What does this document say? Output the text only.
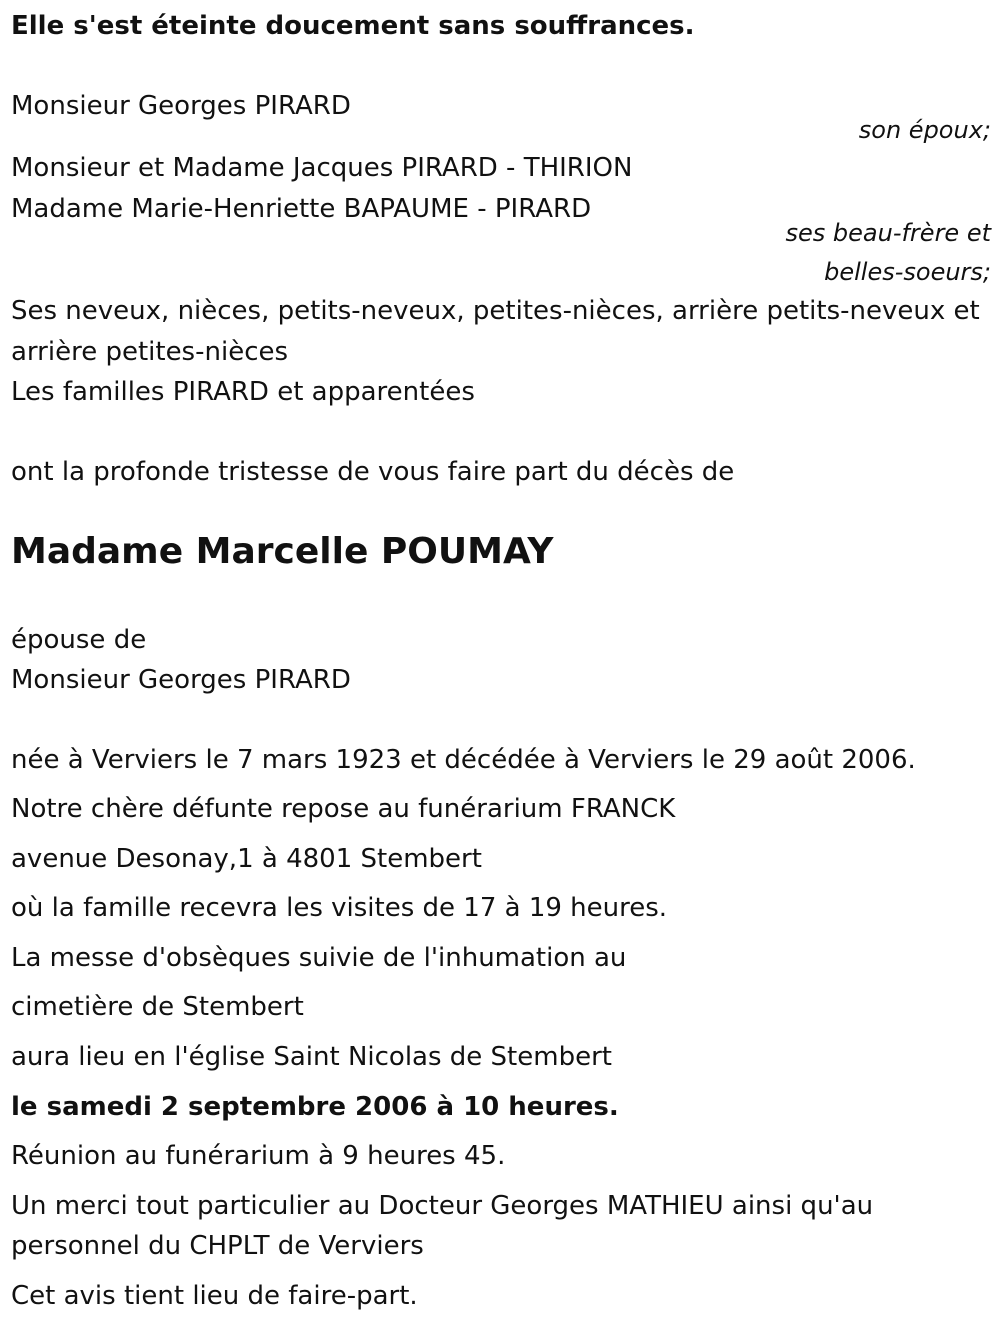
Elle s'est éteinte doucement sans souffrances.
Monsieur Georges PIRARD
son époux;
Monsieur et Madame Jacques PIRARD - THIRION
Madame Marie-Henriette BAPAUME - PIRARD
ses beau-frère et
belles-soeurs;
Ses neveux, nièces, petits-neveux, petites-nièces, arrière petits-neveux et
arrière petites-nièces
Les familles PIRARD et apparentées
ont la profonde tristesse de vous faire part du décès de
Madame Marcelle POUMAY
épouse de
Monsieur Georges PIRARD
née à Verviers le 7 mars 1923 et décédée à Verviers le 29 août 2006.
Notre chère défunte repose au funérarium FRANCK
avenue Desonay,1 à 4801 Stembert
où la famille recevra les visites de 17 à 19 heures.
La messe d'obsèques suivie de l'inhumation au
cimetière de Stembert
aura lieu en l'église Saint Nicolas de Stembert
le samedi 2 septembre 2006 à 10 heures.
Réunion au funérarium à 9 heures 45.
Un merci tout particulier au Docteur Georges MATHIEU ainsi qu'au
personnel du CHPLT de Verviers
Cet avis tient lieu de faire-part.
